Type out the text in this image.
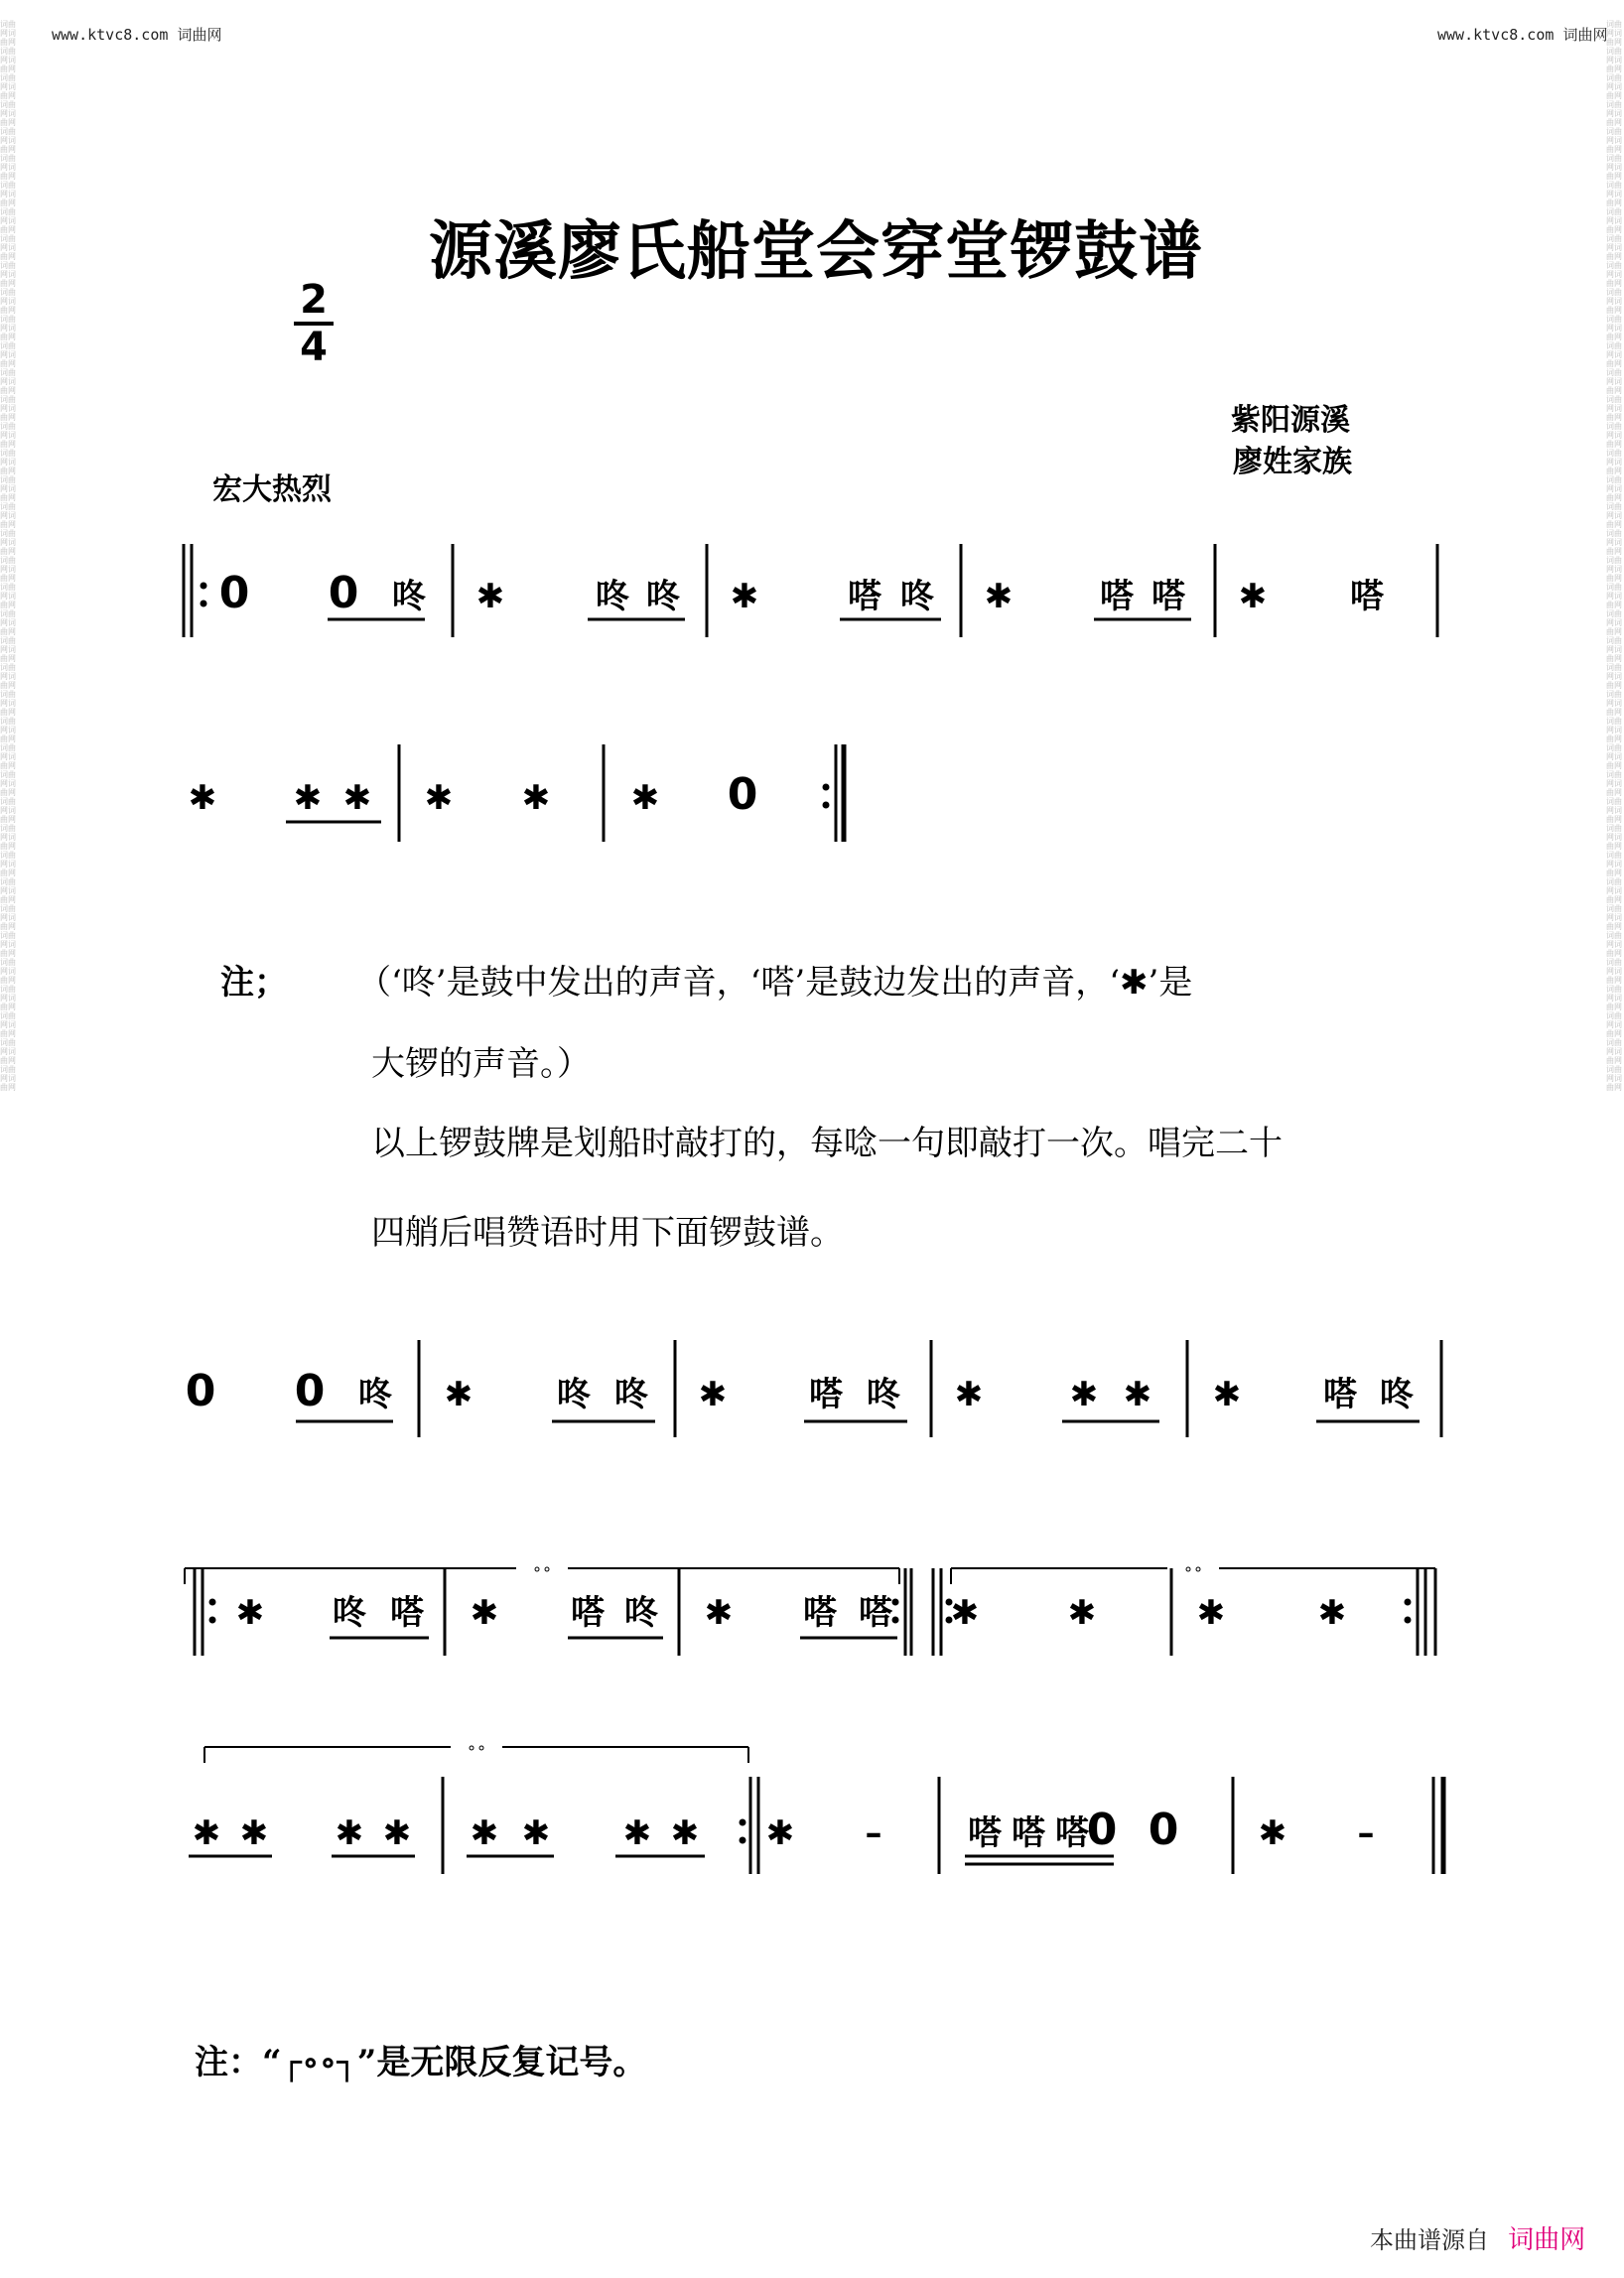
www.ktvc8.com 词曲网	www.ktvc8.com 词曲网
词曲网词曲网词曲网词曲网词曲网词曲网词曲网词曲网词曲网词曲网词曲网词曲网词曲网词曲网词曲网词曲网词曲网词曲网词曲网词曲网词曲网词曲网词曲网词曲网词曲网词曲网词曲网词曲网词曲网词曲网词曲网词曲网词曲网词曲网词曲网词曲网词曲网词曲网词曲网词曲网词曲网词曲网词曲网词曲网词曲网词曲网词曲网词曲网词曲网词曲网词曲网词曲网词曲网词曲网词曲网词曲网词曲网词曲网词曲网词曲网词曲网词曲网词曲网词曲网词曲网词曲网词曲网词曲网词曲网词曲网词曲网词曲网词曲网词曲网词曲网词曲网词曲网词曲网词曲网词曲网
词曲网词曲网词曲网词曲网词曲网词曲网词曲网词曲网词曲网词曲网词曲网词曲网词曲网词曲网词曲网词曲网词曲网词曲网词曲网词曲网词曲网词曲网词曲网词曲网词曲网词曲网词曲网词曲网词曲网词曲网词曲网词曲网词曲网词曲网词曲网词曲网词曲网词曲网词曲网词曲网词曲网词曲网词曲网词曲网词曲网词曲网词曲网词曲网词曲网词曲网词曲网词曲网词曲网词曲网词曲网词曲网词曲网词曲网词曲网词曲网词曲网词曲网词曲网词曲网词曲网词曲网词曲网词曲网词曲网词曲网词曲网词曲网词曲网词曲网词曲网词曲网词曲网词曲网词曲网词曲网
源溪廖氏船堂会穿堂锣鼓谱
2
4
宏大热烈
紫阳源溪
廖姓家族
0 0 咚 ✱	咚 咚 ✱	嗒 咚 ✱	嗒 嗒 ✱ 嗒
✱ ✱ ✱ ✱ ✱ ✱ 0
0 0 咚 ✱ 咚 咚 ✱ 嗒 咚 ✱	✱ ✱ ✱ 嗒 咚
∘∘
✱ 咚 嗒 ✱ 嗒 咚 ✱ 嗒 嗒
∘∘
✱	✱	✱	✱
∘∘
✱ ✱ ✱ ✱ ✱ ✱ ✱ ✱ ✱ –	嗒 嗒 嗒
0 0 ✱ –
注； （‘咚’是鼓中发出的声音，‘嗒’是鼓边发出的声音，‘✱’是
大锣的声音。）
以上锣鼓牌是划船时敲打的，每唸一句即敲打一次。唱完二十
四艄后唱赞语时用下面锣鼓谱。
注：“┌∘∘┐”是无限反复记号。
本曲谱源自 词曲网
